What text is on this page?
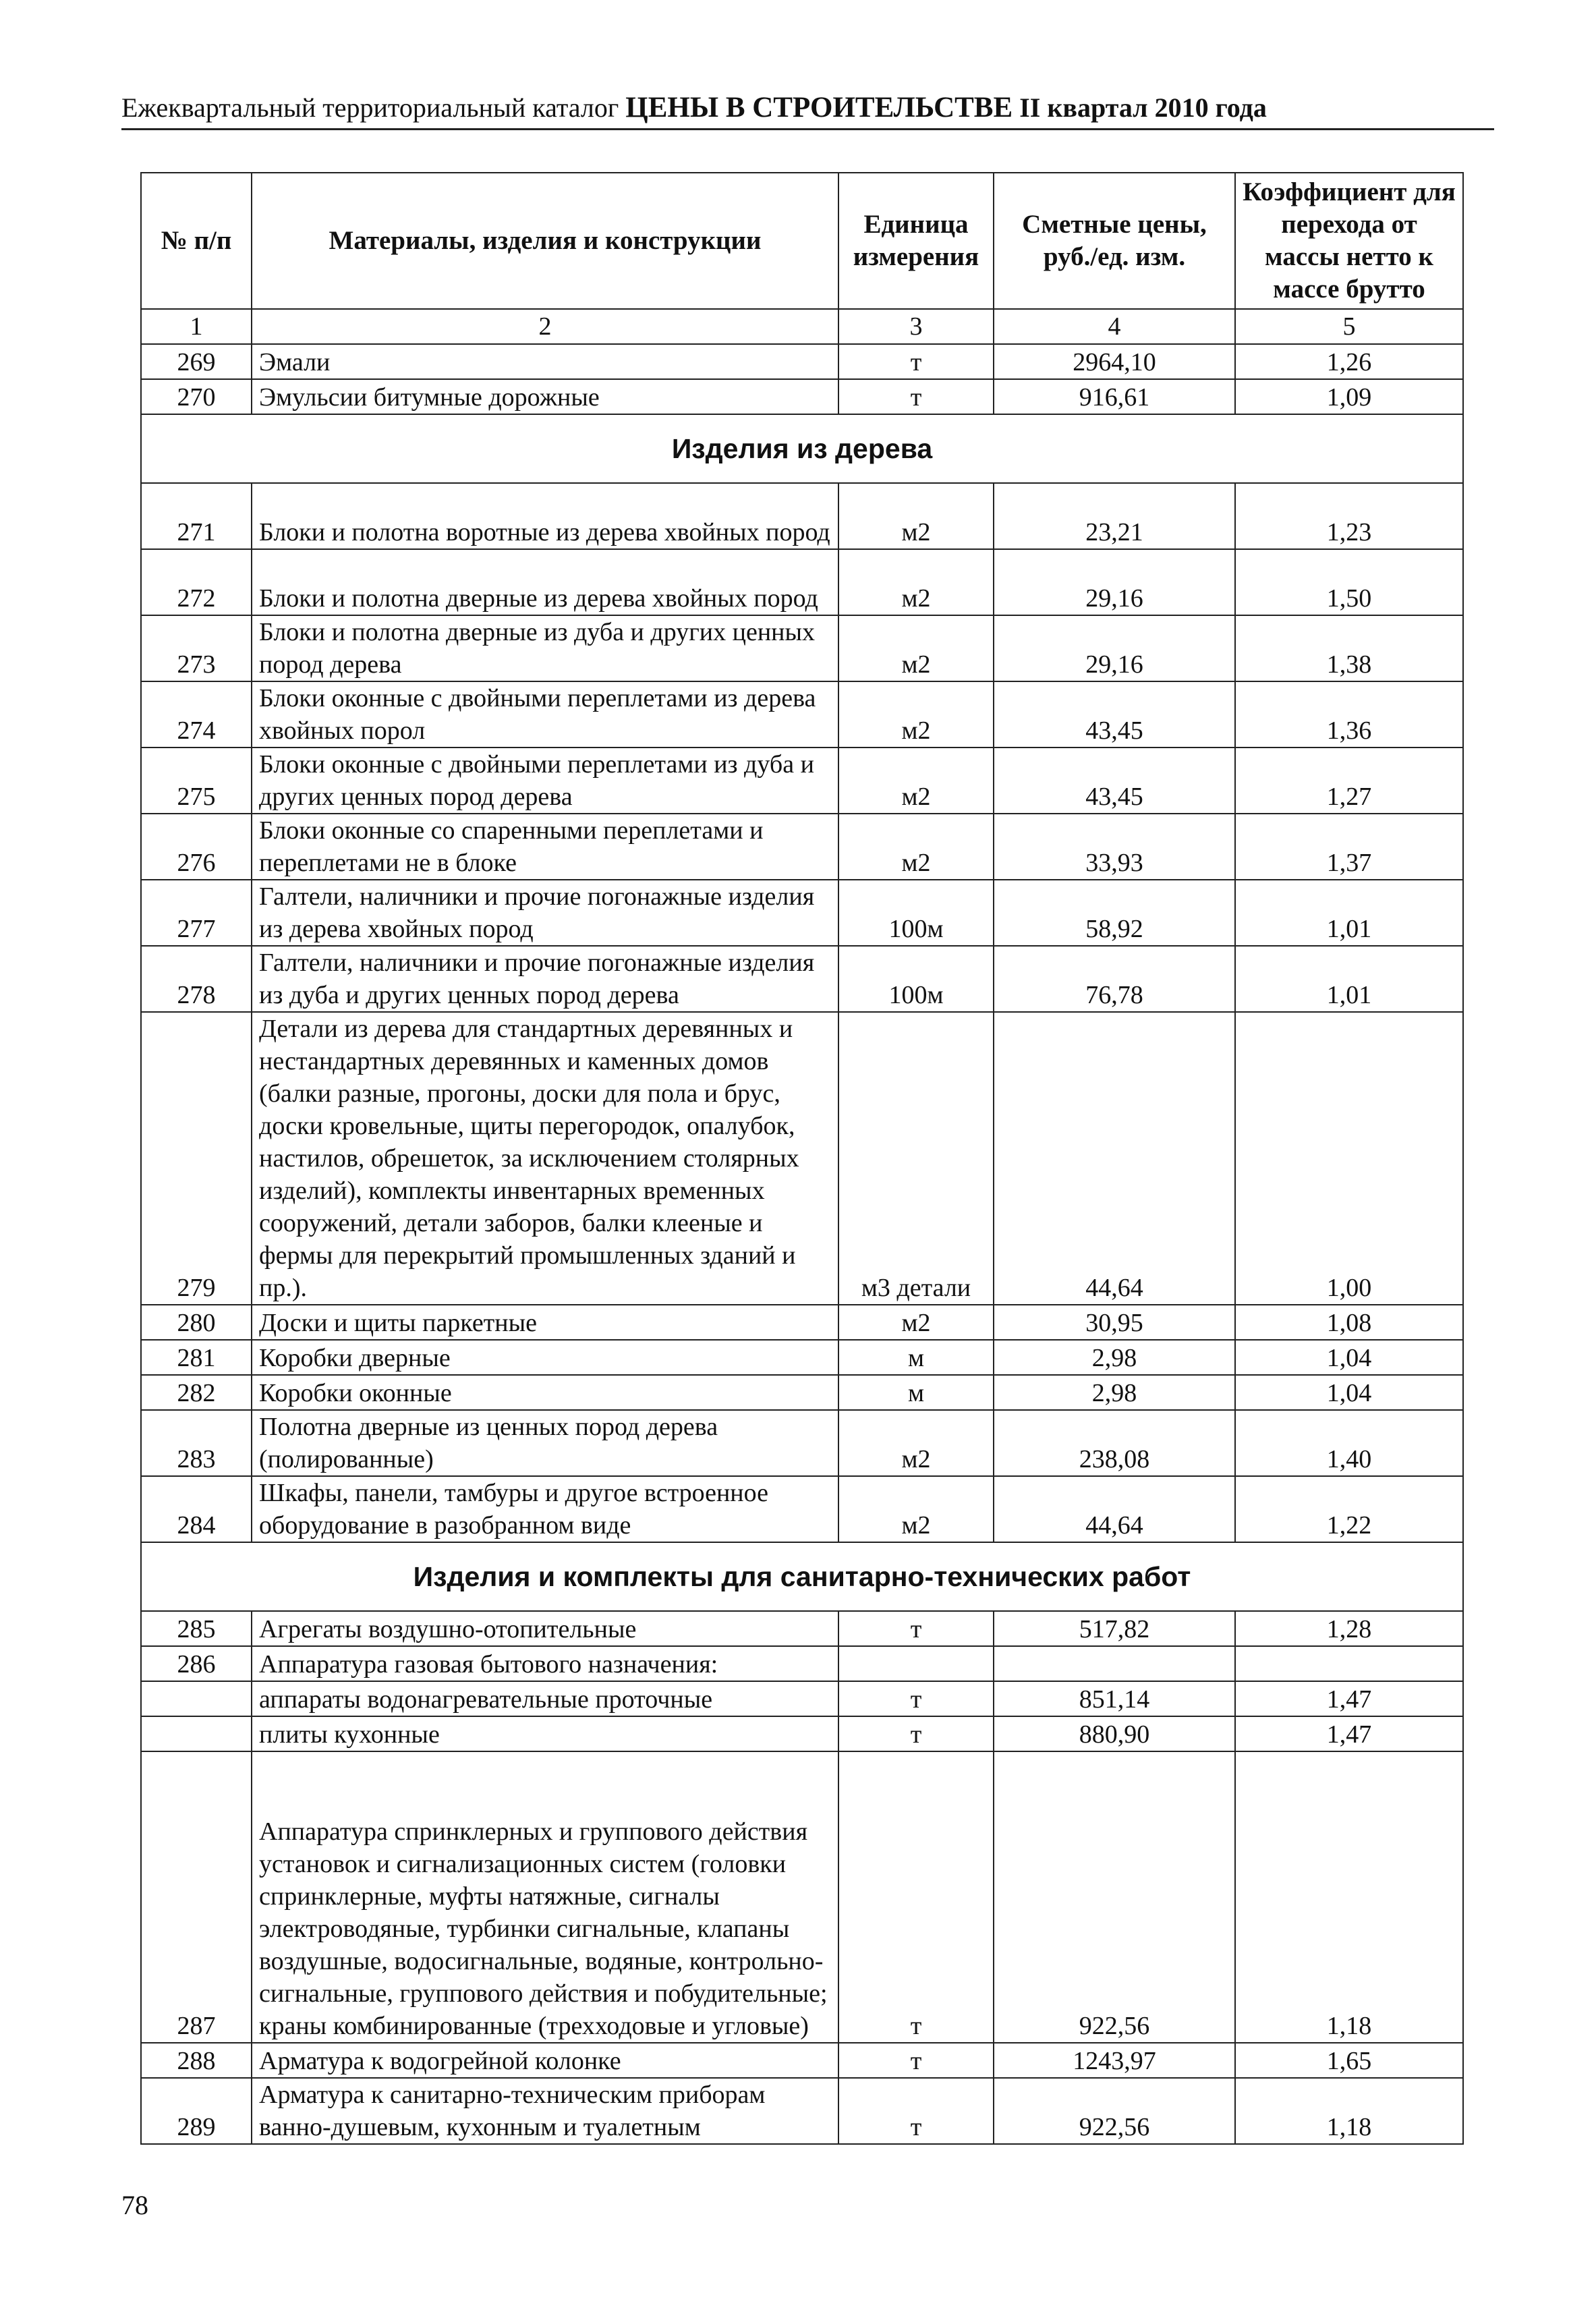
Ежеквартальный территориальный каталог ЦЕНЫ В СТРОИТЕЛЬСТВЕ II квартал 2010 года
№ п/п	Материалы, изделия и конструкции	Единица измерения	Сметные цены, руб./ед. изм.	Коэффициент для перехода от массы нетто к массе брутто
1	2	3	4	5
269	Эмали	т	2964,10	1,26
270	Эмульсии битумные дорожные	т	916,61	1,09
Изделия из дерева				
271	Блоки и полотна воротные из дерева хвойных пород	м2	23,21	1,23
272	Блоки и полотна дверные из дерева хвойных пород	м2	29,16	1,50
273	Блоки и полотна дверные из дуба и других ценных пород дерева	м2	29,16	1,38
274	Блоки оконные с двойными переплетами из дерева хвойных порол	м2	43,45	1,36
275	Блоки оконные с двойными переплетами из дуба и других ценных пород дерева	м2	43,45	1,27
276	Блоки оконные со спаренными переплетами и переплетами не в блоке	м2	33,93	1,37
277	Галтели, наличники и прочие погонажные изделия из дерева хвойных пород	100м	58,92	1,01
278	Галтели, наличники и прочие погонажные изделия из дуба и других ценных пород дерева	100м	76,78	1,01
279	Детали из дерева для стандартных деревянных и нестандартных деревянных и каменных домов (балки разные, прогоны, доски для пола и брус, доски кровельные, щиты перегородок, опалубок, настилов, обрешеток, за исключением столярных изделий), комплекты инвентарных временных сооружений, детали заборов, балки клееные и фермы для перекрытий промышленных зданий и пр.).	м3 детали	44,64	1,00
280	Доски и щиты паркетные	м2	30,95	1,08
281	Коробки дверные	м	2,98	1,04
282	Коробки оконные	м	2,98	1,04
283	Полотна дверные из ценных пород дерева (полированные)	м2	238,08	1,40
284	Шкафы, панели, тамбуры и другое встроенное оборудование в разобранном виде	м2	44,64	1,22
Изделия и комплекты для санитарно-технических работ				
285	Агрегаты воздушно-отопительные	т	517,82	1,28
286	Аппаратура газовая бытового назначения:			
	аппараты водонагревательные проточные	т	851,14	1,47
	плиты кухонные	т	880,90	1,47
287	Аппаратура спринклерных и группового действия установок и сигнализационных систем (головки спринклерные, муфты натяжные, сигналы электроводяные, турбинки сигнальные, клапаны воздушные, водосигнальные, водяные, контрольно-сигнальные, группового действия и побудительные; краны комбинированные (трехходовые и угловые)	т	922,56	1,18
288	Арматура к водогрейной колонке	т	1243,97	1,65
289	Арматура к санитарно-техническим приборам ванно-душевым, кухонным и туалетным	т	922,56	1,18
78
